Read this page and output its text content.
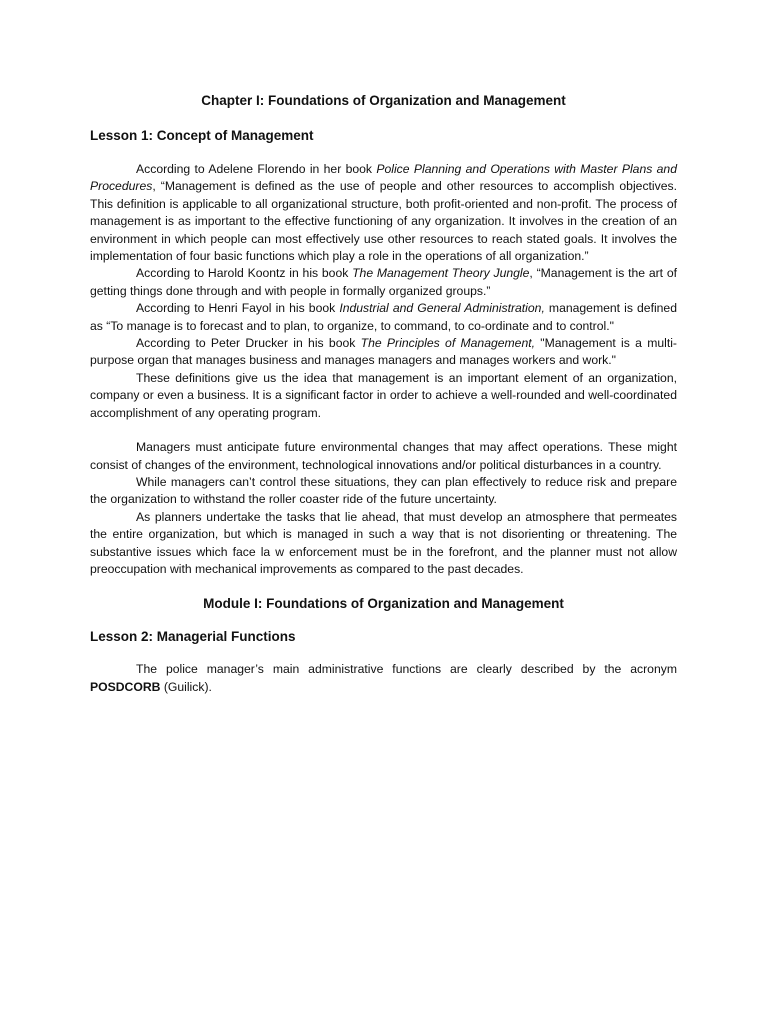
Chapter I: Foundations of Organization and Management
Lesson 1: Concept of Management

According to Adelene Florendo in her book Police Planning and Operations with Master Plans and Procedures, “Management is defined as the use of people and other resources to accomplish objectives. This definition is applicable to all organizational structure, both profit-oriented and non-profit. The process of management is as important to the effective functioning of any organization. It involves in the creation of an environment in which people can most effectively use other resources to reach stated goals. It involves the implementation of four basic functions which play a role in the operations of all organization.”

According to Harold Koontz in his book The Management Theory Jungle, “Management is the art of getting things done through and with people in formally organized groups.”

According to Henri Fayol in his book Industrial and General Administration, management is defined as “To manage is to forecast and to plan, to organize, to command, to co-ordinate and to control."

According to Peter Drucker in his book The Principles of Management, "Management is a multi-purpose organ that manages business and manages managers and manages workers and work."

These definitions give us the idea that management is an important element of an organization, company or even a business. It is a significant factor in order to achieve a well-rounded and well-coordinated accomplishment of any operating program.

Managers must anticipate future environmental changes that may affect operations. These might consist of changes of the environment, technological innovations and/or political disturbances in a country.

While managers can’t control these situations, they can plan effectively to reduce risk and prepare the organization to withstand the roller coaster ride of the future uncertainty.

As planners undertake the tasks that lie ahead, that must develop an atmosphere that permeates the entire organization, but which is managed in such a way that is not disorienting or threatening. The substantive issues which face la w enforcement must be in the forefront, and the planner must not allow preoccupation with mechanical improvements as compared to the past decades.

Module I: Foundations of Organization and Management
Lesson 2: Managerial Functions

The police manager’s main administrative functions are clearly described by the acronym POSDCORB (Guilick).
